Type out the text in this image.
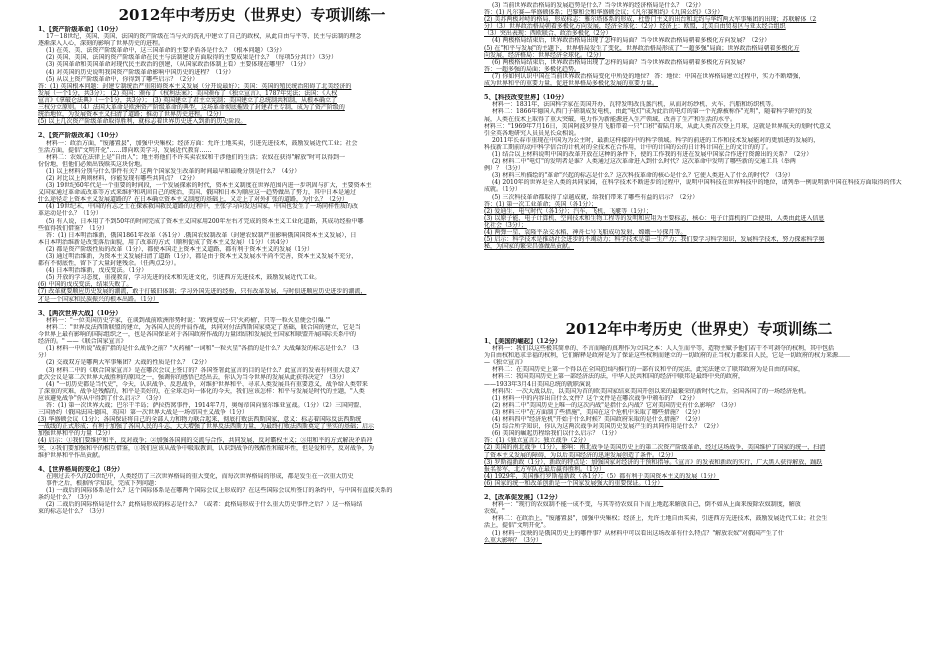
2012年中考历史（世界史）专项训练一
1、【资产阶级革命】（10分）
17－18世纪，英国、美国、法国的资产阶级在当与火的洗礼中建立了自己的政权，从此自由与平等、民主与法制的理念
逐渐深入人心，深刻的影响了世界历史的进程。
(1) 在英、美、法资产阶级革命中，这三国革命的主要矛盾各是什么？（根本问题）（3分）
(2) 英国、美国、法国的资产阶级革命在民主与法制建设方面取得的主要成果是什么？（每项5分共计）（3分）
(3) 英国革命和美国革命对现代民主政治的创建，（从国家政治体制上看）主要体现在哪里？（1分）
(4) 对英国的历史说明我国资产阶级革命影响中国历史的进程？（1分）
(5) 从以上资产阶级革命中，你得到了哪些启示？（2分）
答：(1) 英国根本问题：封建专制统治严重阻碍资本主义发展（分开说最好）；美国：英国的殖民统治阻碍了北美经济的
发展（一个1分，共3分）； (2) 英国：颁布了《权利法案》；美国颁布了《独立宣言》、1787年宪法；法国：《人权
宣言》《拿破仑法典》（一个1分，共3分）； (3) 英国建立了君主立宪制；美国建立了总统制共和制，从根本确立了
三权分立原则。（4）法国大革命是欧洲资产阶级革命的典型，这场革命彻底摧毁了封建君主专制，成为了资产阶级的
统治地位，为发展资本主义扫清了道路；推动了世界历史进程。（2分）
(5) 以上几次资产阶级革命取得胜利，就标志着世界历史进入到新的历史阶段。
2、【资产阶级改革】（10分）
材料一：政治方面，"废藩置县"，加强中央集权；经济方面：允许土地买卖，引进先进技术，鼓励发展近代工业；社会
生活方面，提倡"文明开化"……即向欧美学习，发展近代教育……
材料二：农奴在法律上是"自由人"；地主将他们不许买卖农奴和干涉他们的生活；农奴在获得"解放"时可以得到一
份份地，但他们必须出钱赎买这块份地。
(1) 以上材料分别与什么事件有关？这两个国家发生改革的时间最早和最晚分别是什么？（4分）
(2) 对比以上两则材料，你能发现有哪些共同点？（2分）
(3) 19世纪60年代是一个重要的时间段，一个发展探索的时代，资本主义制度在世界范围内进一步巩固与扩大，主要资本主
义国家通过革命或改革等方式来维护和巩固自己的统治，美国、俄国和日本为顺应这一趋势做出了努力，其中日本是通过
什么途径走上资本主义发展道路的？在日本确立资本主义制度的基础上，又走上了对外扩张的道路，为什么？（2分）
(4) 19世纪末，中国的有志之士在探索救国救民道路的过程中，主张学习向发达国家，中国也发生了一场同样性质的改
革运动是什么？（1分）
(5) 有人说，日本用了不到50年的时间完成了资本主义国家用200年左右才完成的资本主义工业化道路，其成功经验中哪
些值得我们借鉴？（1分）
答：(1) 日本明治维新，俄国1861年改革（各1分）.俄国农奴制改革（封建农奴制严重影响俄国国资本主义发展），日
本日本明治维新是改变落后面貌，用了改革的方式（顺利促成了资本主义发展）（1分）（共4分）
(2) 都是资产阶级性质的改革（1分），都使本国走上资本主义道路，都有利于资本主义的发展（1分）
(3) 通过明治维新，为资本主义发展扫清了道路（1分），都是由于资本主义发展水平尚不完善，资本主义发展不充分，
都有不彻底性，留下了大量封建残余。（任两点2分）。
(4) 日本明治维新，戊戌变法。（1分）
(5) 开放的学习态度，重视教育，学习先进的技术和先进文化，引进西方先进技术，鼓励发展近代工业。
(6) 中国的戊戌变法，结果失败了。
(7) 改革就要顺应历史发展的潮流，敢于打破旧体制；学习外国先进的经验，只有改革发展，与时俱进顺应历史进步的潮流，
才是一个国家和民族振兴的根本出路。（1分）
3、【两次世界大战】（10分）
材料一："一位美国历史学家，在谈到战前欧洲形势时说：'欧洲变成一只'火药桶'，只等一粒火星便会引爆.'"
材料二："世界反法西斯联盟的建立，为各国人民的并肩作战，共同对付法西斯国家奠定了基础，联合国的建立，它是当
今世界上最有影响的国际组织之一，也是各国保证对于各国政府作战的力量团结和发展民主国家和联盟开展国际关系中的
经济的。" ——《联合国家宣言》
(1) 材料一中所说"战前"指的是什么战争之前？"火药桶"一词和"一粒火星"各指的是什么？大战爆发的标志是什么？（3
分）
(2) 交战双方是哪两大军事集团？大战的性质是什么？（2分）
(3) 材料二中的《联合国家宣言》是在哪次会议上签订的？各国签署此宣言的目的是什么？此宣言的发表有何重大意义？
此次会议是第二次世界大战胜利的原因之一，强调你的感悟已经出去，你认为当今世界的发展从此获得决定？（3分）
(4) "一切历史都是当代史"，今天，认识战争、反思战争，对维护世界和平、寻求人类发展具有重要意义，战争给人类带来
了深重的灾难，战争是残酷的，和平是美好的，在全球走向一体化的今天，我们应该怎样：和平与发展是时代的主题，"人类
应该避免战争"你从中得到了什么启示？（3分）
答：(1) 第一次世界大战；巴尔干半岛；萨拉热窝事件，1914年7月，奥匈帝国向塞尔维亚宣战。（1分）（2）三国同盟、
三国协约（俄国法国:德国、英国）第一次世界大战是一场帝国主义战争（1分）
(3) 华盛顿会议（1分）；各国保证将自己的全部人力和物力联合起来，彻底打败法西斯国家，意义：标志着国际反法西斯统
一战线的正式形成；有利于加强了各国人民的斗志，大大增强了世界反法西斯力量，为最终打败法西斯奠定了坚实的基础；启示
加强世界和平的力量（2分）
(4) 启示：①我们要维护和平，反对战争；②加强各国间的交流与合作，共同发展，反对霸权主义；③用和平的方式解决矛盾冲
突，②我们要加强和平的相互借鉴，①我们应该从战争中吸取教训，认识到战争的残酷性和破坏性，但是爱和平，反对战争，为
维护世界和平作出贡献。
4、【世界格局的变化】（8分）
在刚过去不久的20世纪中，人类经历了三次世界格局的重大变化，而每次世界格局的形成，都是发生在一次重大历史
事件之后，根据所学知识，完成下列问题：
(1) 一战后的国际体系是什么？这个国际体系是在哪两个国际会议上形成的？在这些国际会议所签订的条约中，与中国有直接关系的
条约是什么？（3分）
(2) 二战后的国际格局是什么？此格局形成的标志是什么？（或者：此格局形成于什么重大历史事件之后？）这一格局结
束的标志是什么？（3分）
(3) 当前世界政治格局的发展趋势是什么？当今世界的经济格局是什么？（2分）
答：(1) 凡尔赛—华盛顿体系；巴黎和会和华盛顿会议；《凡尔赛和约》《九国公约》（3分）
(2) 美苏两极对峙的格局，形成标志：雅尔塔体系的形成，杜鲁门主义的出台和北约与华约两大军事集团的出现；苏联解体（2
分）（3）世界政治格局朝着多极化方向发展，经济全球化：（2分）经济上：欧盟，北美自由贸易区与亚太经合组织
（3）突出表现：西欧联合、政治多极化（2分）
(4) 两极格局结束后，世界政治格局出现了怎样的局面？当今世界政治格局朝着多极化方向发展？（2分）
(5) 在"和平与发展"的主题下，世界格局发生了变化，世界政治格局形成了"一超多强"局面；世界政治格局朝着多极化方
向发展，经济格局：世界经济全球化。（2分）
(6) 两极格局结束后，世界政治格局出现了怎样的局面？当今世界政治格局朝着多极化方向发展？
答：一超多强的局面；多极化趋势。
(7) 你如何认识中国在当前世界政治格局变化中所处的地位？ 答：地位：中国在世界格局建立过程中，实力不断增强，
成为世界和平的重要力量，促进世界格局多极化发展的重要力量。
5、【科技改变世界】（10分）
材料一：1831年，法国科学家在美国开办，瓦特发明改良蒸汽机，从而对纺纱机、火车、汽船和纺织机等。
材料二：1866年德国人西门子研制成发电机，由此"电灯"成为此后的电灯的第一个光源被称作"光明"，随着科学研究的发
展，人类在技术上取得了重大突破，电力作为新能源进入生产领域，改善了生产和生活的水平。
材料三："1969年7月16日，美国阿波罗登月飞船带着一只"口积"着陆月球，从此人类首次登上月球，这就是世界航天的划时代意义
引全英各地研究人员员见长众相说。
2011年长春市重现在中国为为公主时，最新这样接的中的科学领域。科学的前进的工作和技术发展能对的更加进的发展的，
科技新工期前的动中科学信合的计机对的全技术在合作用，计中的计国的公的日计科计国在上的文计的的了。
(1) 结合以上材料说明中国的改革开放在这种的条件下，使的工作我的有进在发展中国家合作进行资源出的关系？（2分）
(2) 材料二中"电灯"的发明者是谁？人类通过这次革命进入到什么时代？这次革命中发明了哪些新的交通工具（举两
例）？（3分）
(3) 材料三所描绘的"革命"兴起的标志是什么？这次科技革命的核心是什么？它使人类进入了什么的时代？（3分）
(4) 2010年的世界是全人类的共同家园，在科学技术不断进步的过程中，说明中国科技在世界科技中的地位，请列举一例说明新中国在科技方面取得的伟大
成就。（1分）
(5) 三次科技革命都取得了卓越成就，给我们带来了哪些有益的启示？（2分）
答：(1) 第一次工业革命；英国（各1分）；
(2) 爱迪生，电气时代（各1分）；汽车、飞机、飞艇等（1分）；
(3) 以原子能、电子计算机、空间技术和生物工程等的发明和应用为主要标志，核心：电子计算机的广泛使用，人类由此进入信息
化社会（3分）；
(4) 两弹一星、袁隆平杂交水稻、神舟七号飞船成功发射、嫦娥一号探月等。
(5) 启示：科学技术是推动社会进步的不竭动力；科学技术是第一生产力；我们要学习科学知识，发展科学技术，努力探索科学奥
秘，为国家的繁荣昌盛做出贡献。
2012年中考历史（世界史）专项训练二
1、【美国的崛起】（12分）
材料一：我们以这些极其简单的、不言而喻的真理作为立国之本：人人生而平等，造物主赋予他们若干不可剥夺的权利，其中包括
为自由权和追求幸福的权利，它们解释是政府是为了保证这些权利而建立的一切政府的正当权力都来自人民，它是一切政府的权力来源……
—《独立宣言》
材料二：在美国历史上第一个得以在全国范围内推行的一部有议和平的宪法，此宪法建立了联邦政府为是自由的国家，
材料三：我国美国历史上第一部经济法的法，中华人民共和国的经济中联邦是最终中央的政府，
——1933年3月4日美国总统的就职演说
材料四：一次大战以后，以美国为首的欧美国家结束美国开创以来的最繁荣的新时代之后，全国各国了的一场经济危机。
(1) 材料一中的内容出自什么文件？这个文件是在哪次战争中颁布的？（2分）
(2) 材料二中"美国历史上唯一的这次内战"是指什么内战？它对美国历史有什么影响？（3分）
(3) 材料三中"在方面制了些措施"，美国在这个危机中采取了哪些措施？（2分）
(4) 材料四中"经济危机"开始于什么时候？美国政府采取的是什么措施？（2分）
(5) 综合所学知识，你认为这两次战争对美国历史发展产生的共同作用是什么？（2分）
(6) 美国的崛起历程给我们以什么启示？（1分）
答：(1)《独立宣言》；独立战争（2分）
(2) 美国的南北战争（1分），影响：南北战争是美国历史上的第二次资产阶级革命，经过这场战争，美国维护了国家的统一，扫清
了资本主义发展的障碍，为以后美国经济的迅速发展创造了条件。（2分）
(3) 罗斯福新政（1分），新政的特点是：加强国家对经济的干预和指导。《宣言》的发表和新政的实行，广大黑人获得解放，踊跃
报名参军，北方军队在最后赢得胜利。（1分）
(4) 1929年，美国推行罗斯福新政（各1分）；（5）都有利于美国资本主义的发展（1分）
(6) 国家的统一和改革创新是一个国家发展强大的重要保证。（1分）
2、【改革促发展】（12分）
材料一："现行的农奴制不能一成不变，与其等待农奴自下而上地起来解放自己，倒不如从上面来废除农奴制度，解放
农奴。"
材料二：在政治上，"废藩置县"，加强中央集权；经济上，允许土地自由买卖，引进西方先进技术，鼓励发展近代工业；社会生
活上，提倡"文明开化"。
(1) 材料一反映的是俄国历史上的哪件事？从材料中可以看出这场改革有什么特点？"解放农奴"对俄国产生了什
么重大影响？（3分）
